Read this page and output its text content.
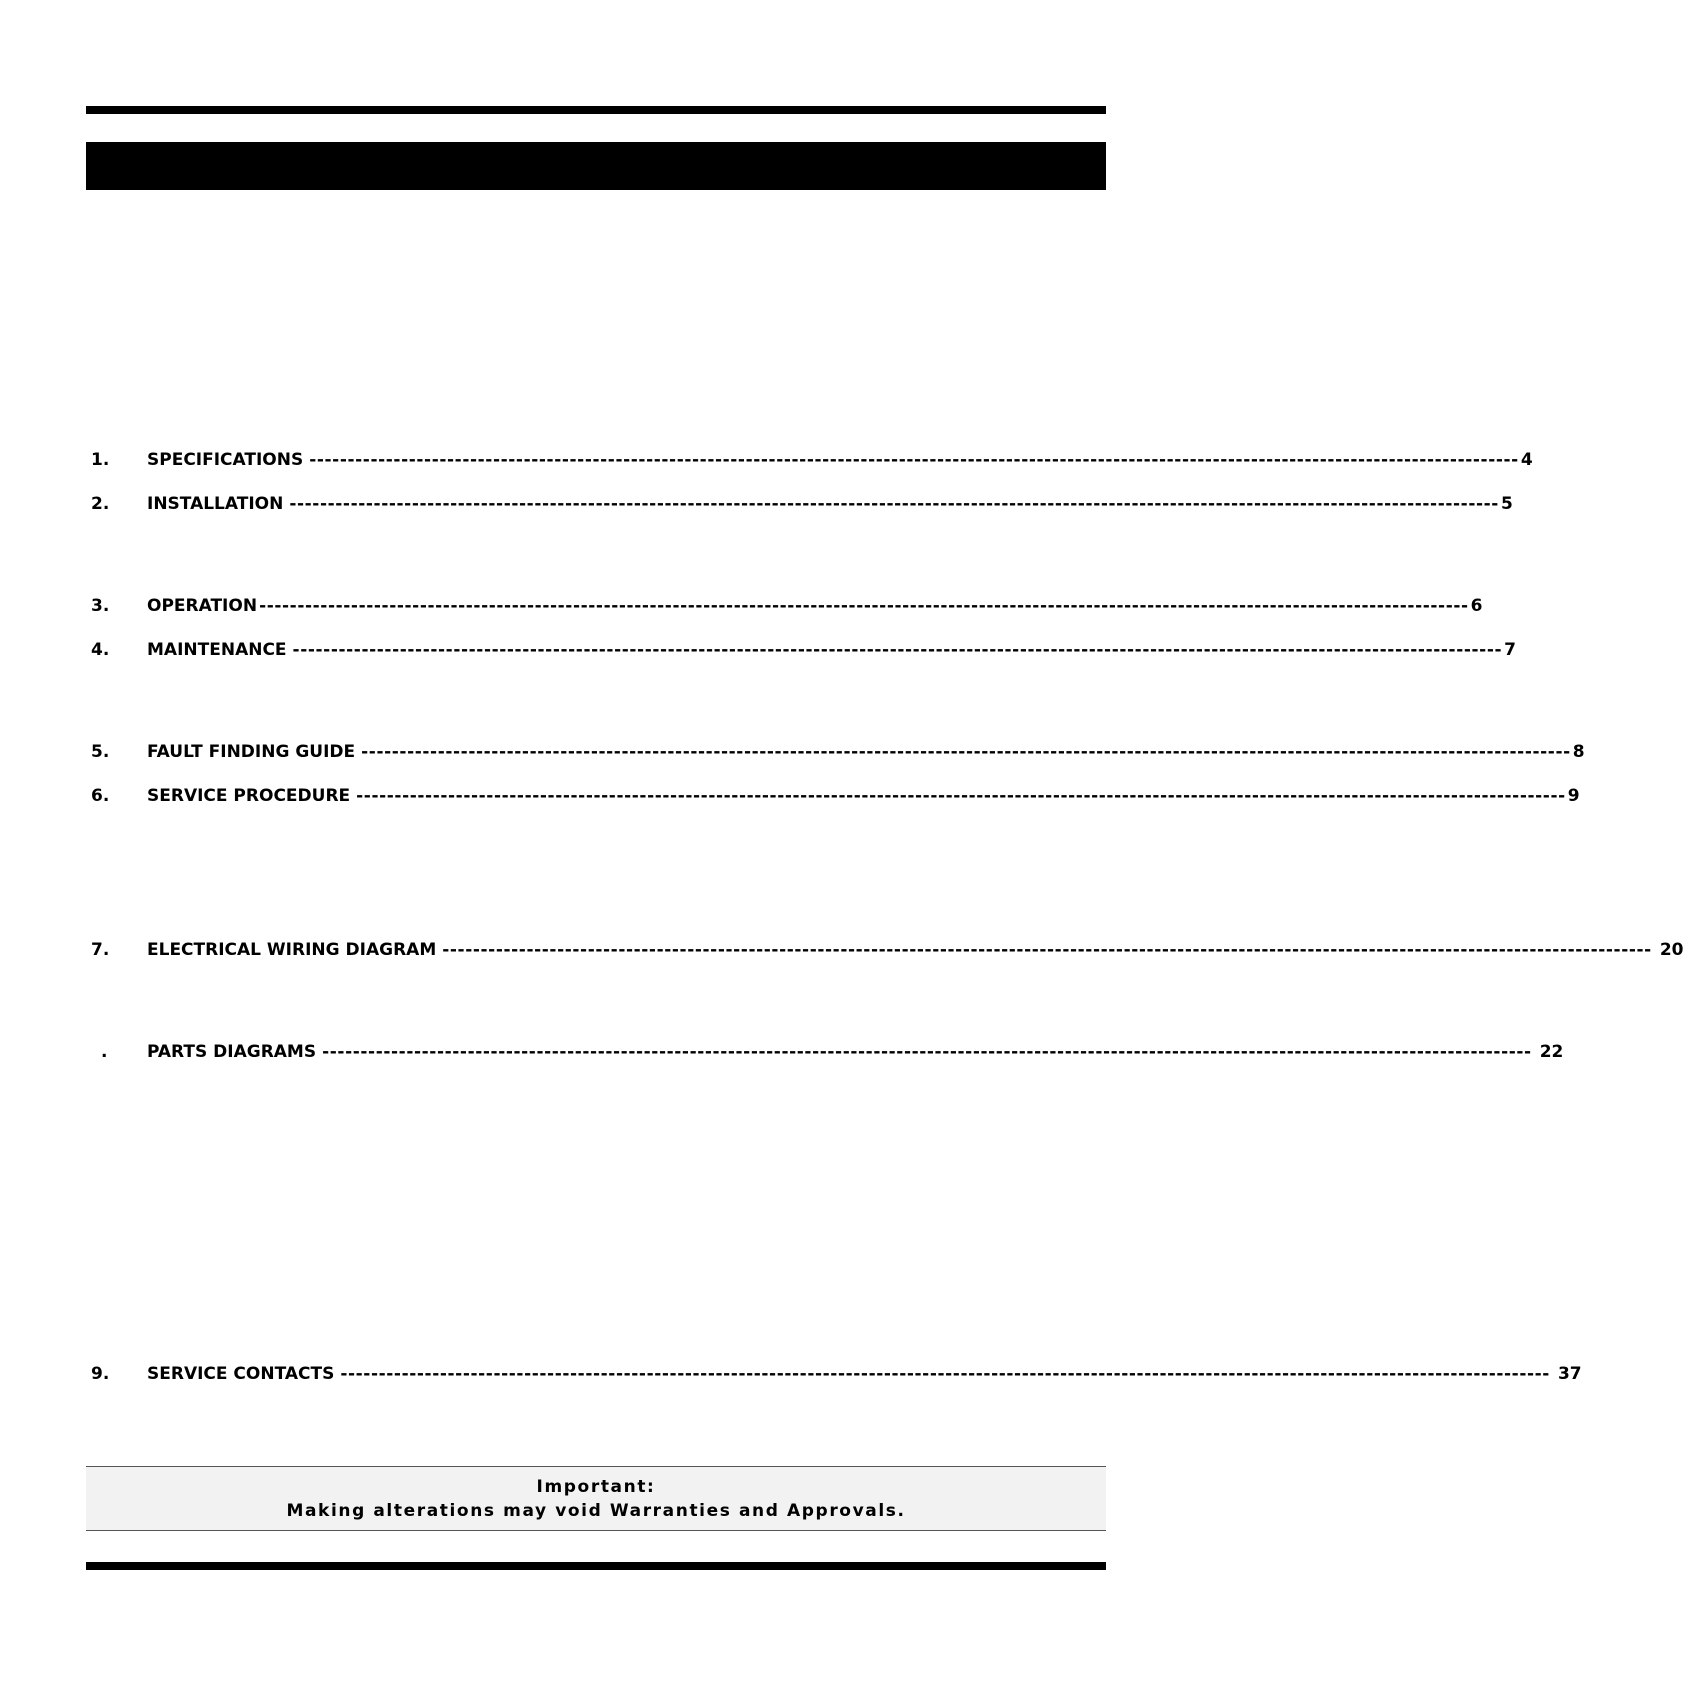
1. SPECIFICATIONS -------------------------------------------------------------------------------------------------------------------------------------------------------------- 4
2. INSTALLATION -------------------------------------------------------------------------------------------------------------------------------------------------------------- 5
3. OPERATION -------------------------------------------------------------------------------------------------------------------------------------------------------------- 6
4. MAINTENANCE -------------------------------------------------------------------------------------------------------------------------------------------------------------- 7
5. FAULT FINDING GUIDE -------------------------------------------------------------------------------------------------------------------------------------------------------------- 8
6. SERVICE PROCEDURE -------------------------------------------------------------------------------------------------------------------------------------------------------------- 9
7. ELECTRICAL WIRING DIAGRAM -------------------------------------------------------------------------------------------------------------------------------------------------------------- 20
. PARTS DIAGRAMS -------------------------------------------------------------------------------------------------------------------------------------------------------------- 22
9. SERVICE CONTACTS -------------------------------------------------------------------------------------------------------------------------------------------------------------- 37
Important:
Making alterations may void Warranties and Approvals.
